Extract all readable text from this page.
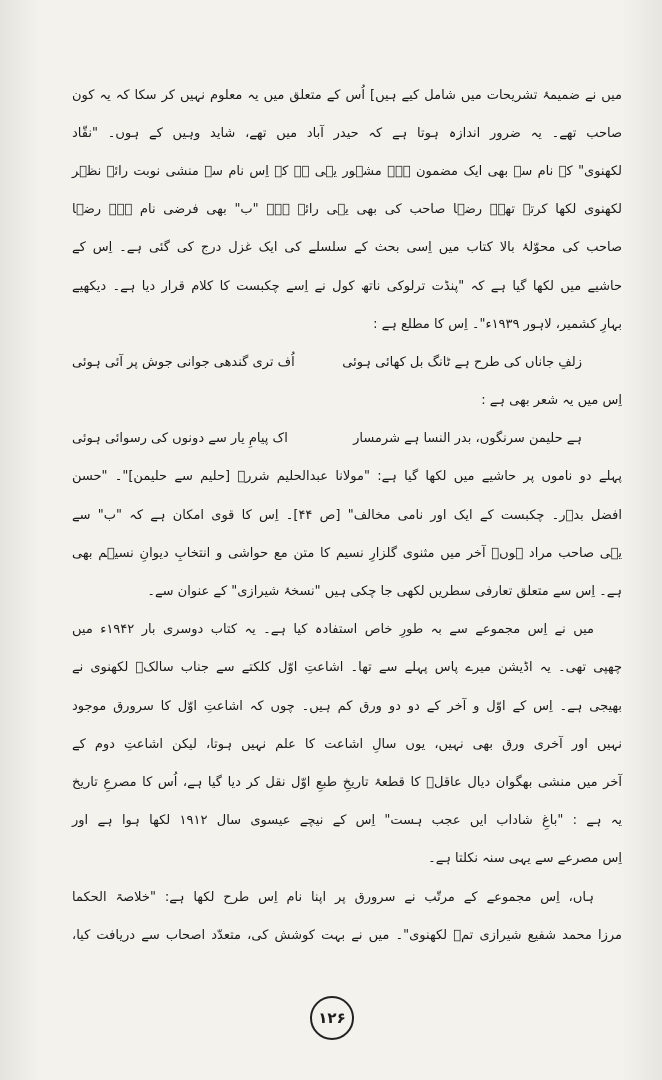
میں نے ضمیمۂ تشریحات میں شامل کیے ہیں] اُس کے متعلق میں یہ معلوم نہیں کر سکا کہ یہ کون
صاحب تھے۔ یہ ضرور اندازہ ہوتا ہے کہ حیدر آباد میں تھے، شاید وہیں کے ہوں۔ "نقّاد
لکھنوی" کے نام سے بھی ایک مضمون ہے۔ مشہور یہی ہے کہ اِس نام سے منشی نوبت رائے نظؔر
لکھنوی لکھا کرتے تھے۔ رضؔا صاحب کی بھی یہی رائے ہے۔ "ب" بھی فرضی نام ہے۔ رضؔا
صاحب کی محوّلۂ بالا کتاب میں اِسی بحث کے سلسلے کی ایک غزل درج کی گئی ہے۔ اِس کے
حاشیے میں لکھا گیا ہے کہ "پنڈت ترلوکی ناتھ کول نے اِسے چکبست کا کلام قرار دیا ہے۔ دیکھیے
بہارِ کشمیر، لاہور ۱۹۳۹ء"۔ اِس کا مطلع ہے :
زلفِ جاناں کی طرح ہے ٹانگ بل کھائی ہوئی
اُف تری گندھی جوانی جوش پر آئی ہوئی
اِس میں یہ شعر بھی ہے :
ہے حلیمن سرنگوں، بدر النسا ہے شرمسار
اک پیامِ یار سے دونوں کی رسوائی ہوئی
پہلے دو ناموں پر حاشیے میں لکھا گیا ہے: "مولانا عبدالحلیم شررؔ [حلیم سے حلیمن]"۔ "حسن
افضل بدؔر۔ چکبست کے ایک اور نامی مخالف" [ص ۴۴]۔ اِس کا قوی امکان ہے کہ "ب" سے
یہی صاحب مراد ہوں۔ آخر میں مثنوی گلزارِ نسیم کا متن مع حواشی و انتخابِ دیوانِ نسیؔم بھی
ہے۔ اِس سے متعلق تعارفی سطریں لکھی جا چکی ہیں "نسخۂ شیرازی" کے عنوان سے۔
میں نے اِس مجموعے سے بہ طورِ خاص استفادہ کیا ہے۔ یہ کتاب دوسری بار ۱۹۴۲ء میں
چھپی تھی۔ یہ اڈیشن میرے پاس پہلے سے تھا۔ اشاعتِ اوّل کلکتے سے جناب سالکؔ لکھنوی نے
بھیجی ہے۔ اِس کے اوّل و آخر کے دو دو ورق کم ہیں۔ چوں کہ اشاعتِ اوّل کا سرورق موجود
نہیں اور آخری ورق بھی نہیں، یوں سالِ اشاعت کا علم نہیں ہوتا، لیکن اشاعتِ دوم کے
آخر میں منشی بھگوان دیال عاقلؔ کا قطعۂ تاریخِ طبعِ اوّل نقل کر دیا گیا ہے، اُس کا مصرعِ تاریخ
یہ ہے : "باغِ شاداب ایں عجب ہست" اِس کے نیچے عیسوی سال ۱۹۱۲ لکھا ہوا ہے اور
اِس مصرعے سے یہی سنہ نکلتا ہے۔
ہاں، اِس مجموعے کے مرتّب نے سرورق پر اپنا نام اِس طرح لکھا ہے: "خلاصۃ الحکما
مرزا محمد شفیع شیرازی تمؔ لکھنوی"۔ میں نے بہت کوشش کی، متعدّد اصحاب سے دریافت کیا،
۱۲۶
